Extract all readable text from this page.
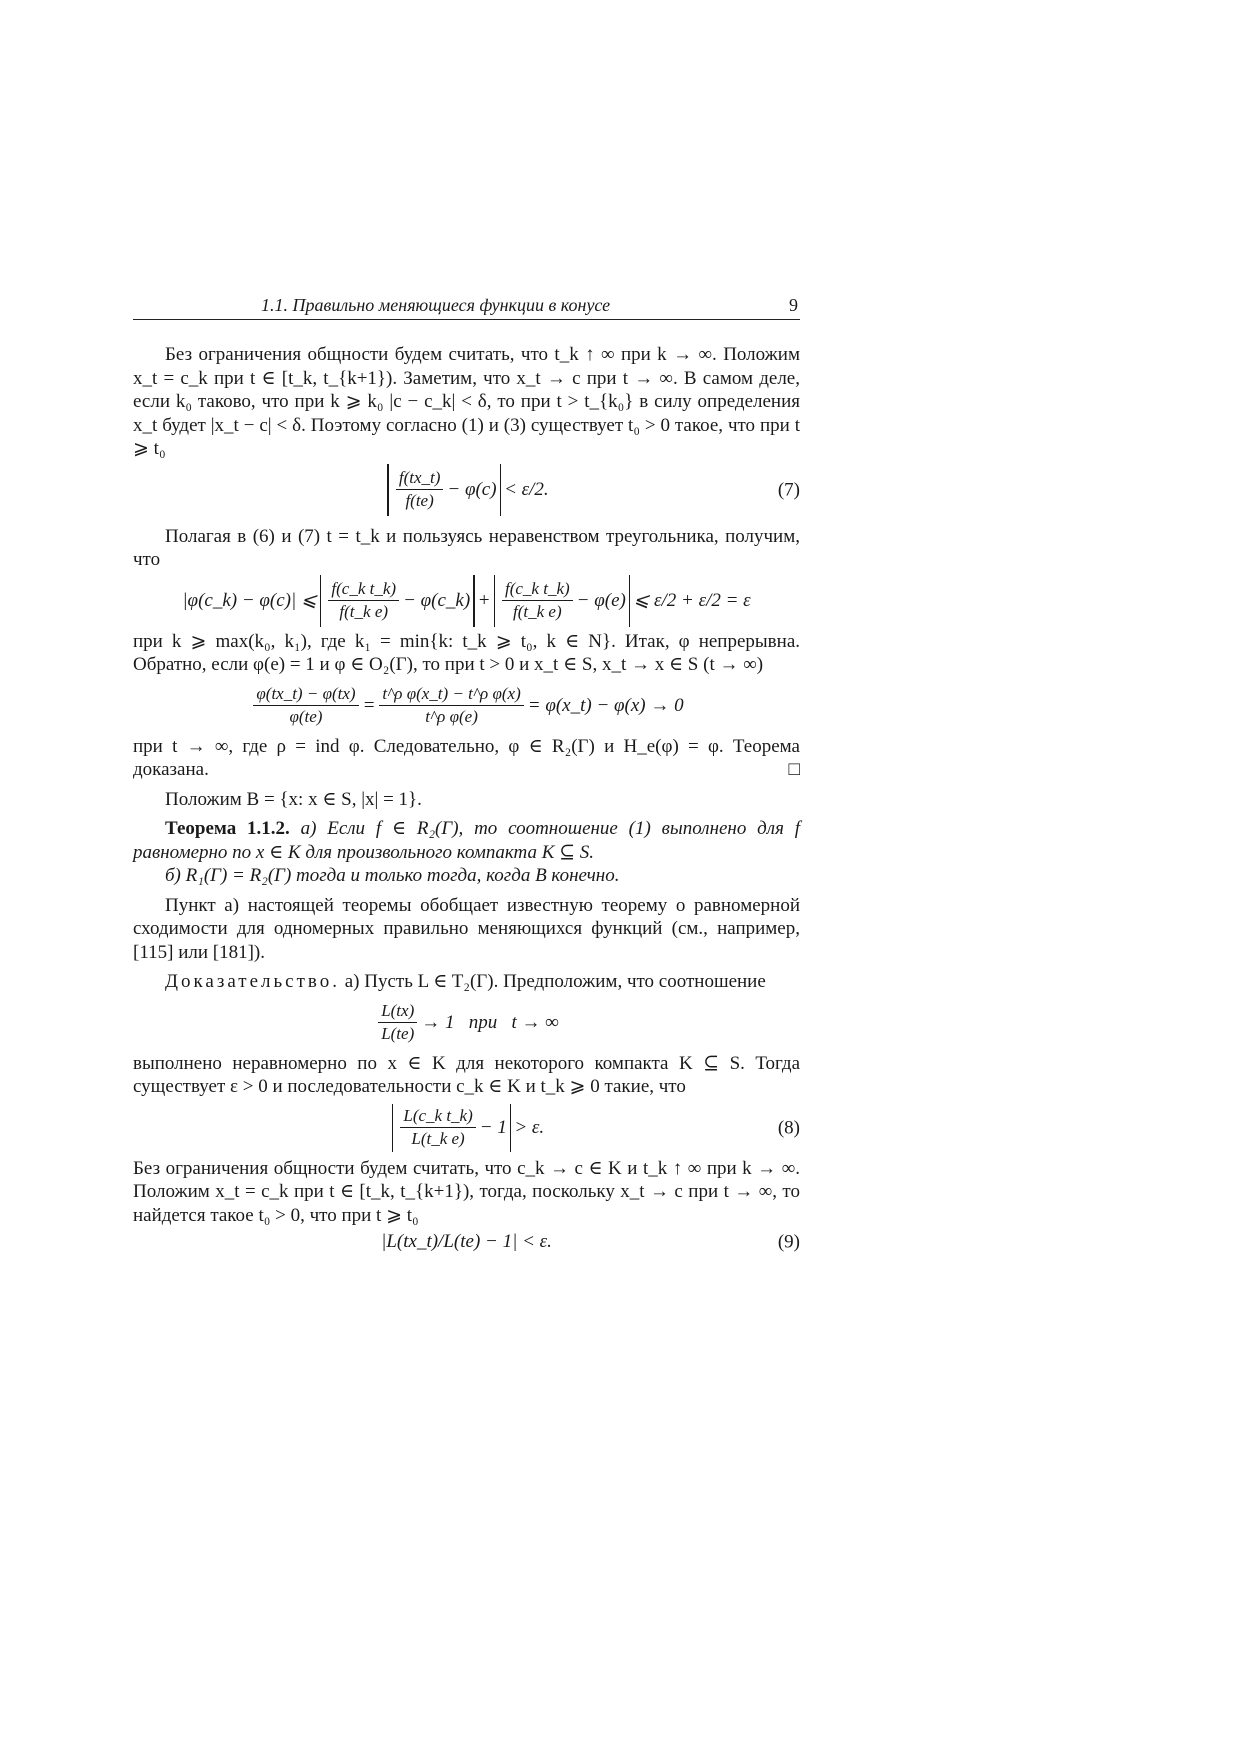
1.1. Правильно меняющиеся функции в конусе	9

Без ограничения общности будем считать, что t_k ↑ ∞ при k → ∞. Положим x_t = c_k при t ∈ [t_k, t_{k+1}). Заметим, что x_t → c при t → ∞. В самом деле, если k₀ таково, что при k ⩾ k₀ |c − c_k| < δ, то при t > t_{k₀} в силу определения x_t будет |x_t − c| < δ. Поэтому согласно (1) и (3) существует t₀ > 0 такое, что при t ⩾ t₀

$\frac{f(tx\_t)}{f(te)} - \varphi(c) < \varepsilon/2$.	(7)

Полагая в (6) и (7) t = t_k и пользуясь неравенством треугольника, получим, что

|φ(c_k) − φ(c)| ⩽ $\frac{\text{f(c\_k t\_k)}}{\text{f(t\_k e)}}$ − φ(c_k) + $\frac{\text{f(c\_k t\_k)}}{\text{f(t\_k e)}} - \varphi(e)$ ⩽ ε/2 + ε/2 = ε

при k ⩾ max(k₀, k₁), где k₁ = min{k: t_k ⩾ t₀, k ∈ N}. Итак, φ непрерывна. Обратно, если φ(e) = 1 и φ ∈ O₂(Γ), то при t > 0 и x_t ∈ S, x_t → x ∈ S (t → ∞)

$\frac{\varphi(tx\_t) - \varphi(tx)}{\varphi(te)} = \frac{\text{t\textasciicircum{}ρ φ(x\_t) − t\textasciicircum{}ρ φ(x)}}{\text{t\textasciicircum{}ρ φ(e)}}$ = φ(x_t) − φ(x) → 0

при t → ∞, где ρ = ind φ. Следовательно, φ ∈ R₂(Γ) и H_e(φ) = φ. Теорема доказана.	□

Положим B = {x: x ∈ S, |x| = 1}.

Теорема 1.1.2. а) Если f ∈ R₂(Γ), то соотношение (1) выполнено для f равномерно по x ∈ K для произвольного компакта K ⊆ S.

б) R₁(Γ) = R₂(Γ) тогда и только тогда, когда B конечно.

Пункт а) настоящей теоремы обобщает известную теорему о равномерной сходимости для одномерных правильно меняющихся функций (см., например, [115] или [181]).

Доказательство. а) Пусть L ∈ T₂(Γ). Предположим, что соотношение

$\frac{L(tx)}{L(te)} \to 1$   при   t → ∞

выполнено неравномерно по x ∈ K для некоторого компакта K ⊆ S. Тогда существует ε > 0 и последовательности c_k ∈ K и t_k ⩾ 0 такие, что

$\frac{\text{L(c\_k t\_k)}}{\text{L(t\_k e)}} - 1 > \varepsilon$.	(8)

Без ограничения общности будем считать, что c_k → c ∈ K и t_k ↑ ∞ при k → ∞. Положим x_t = c_k при t ∈ [t_k, t_{k+1}), тогда, поскольку x_t → c при t → ∞, то найдется такое t₀ > 0, что при t ⩾ t₀

|L(tx_t)/L(te) − 1| < ε.	(9)
